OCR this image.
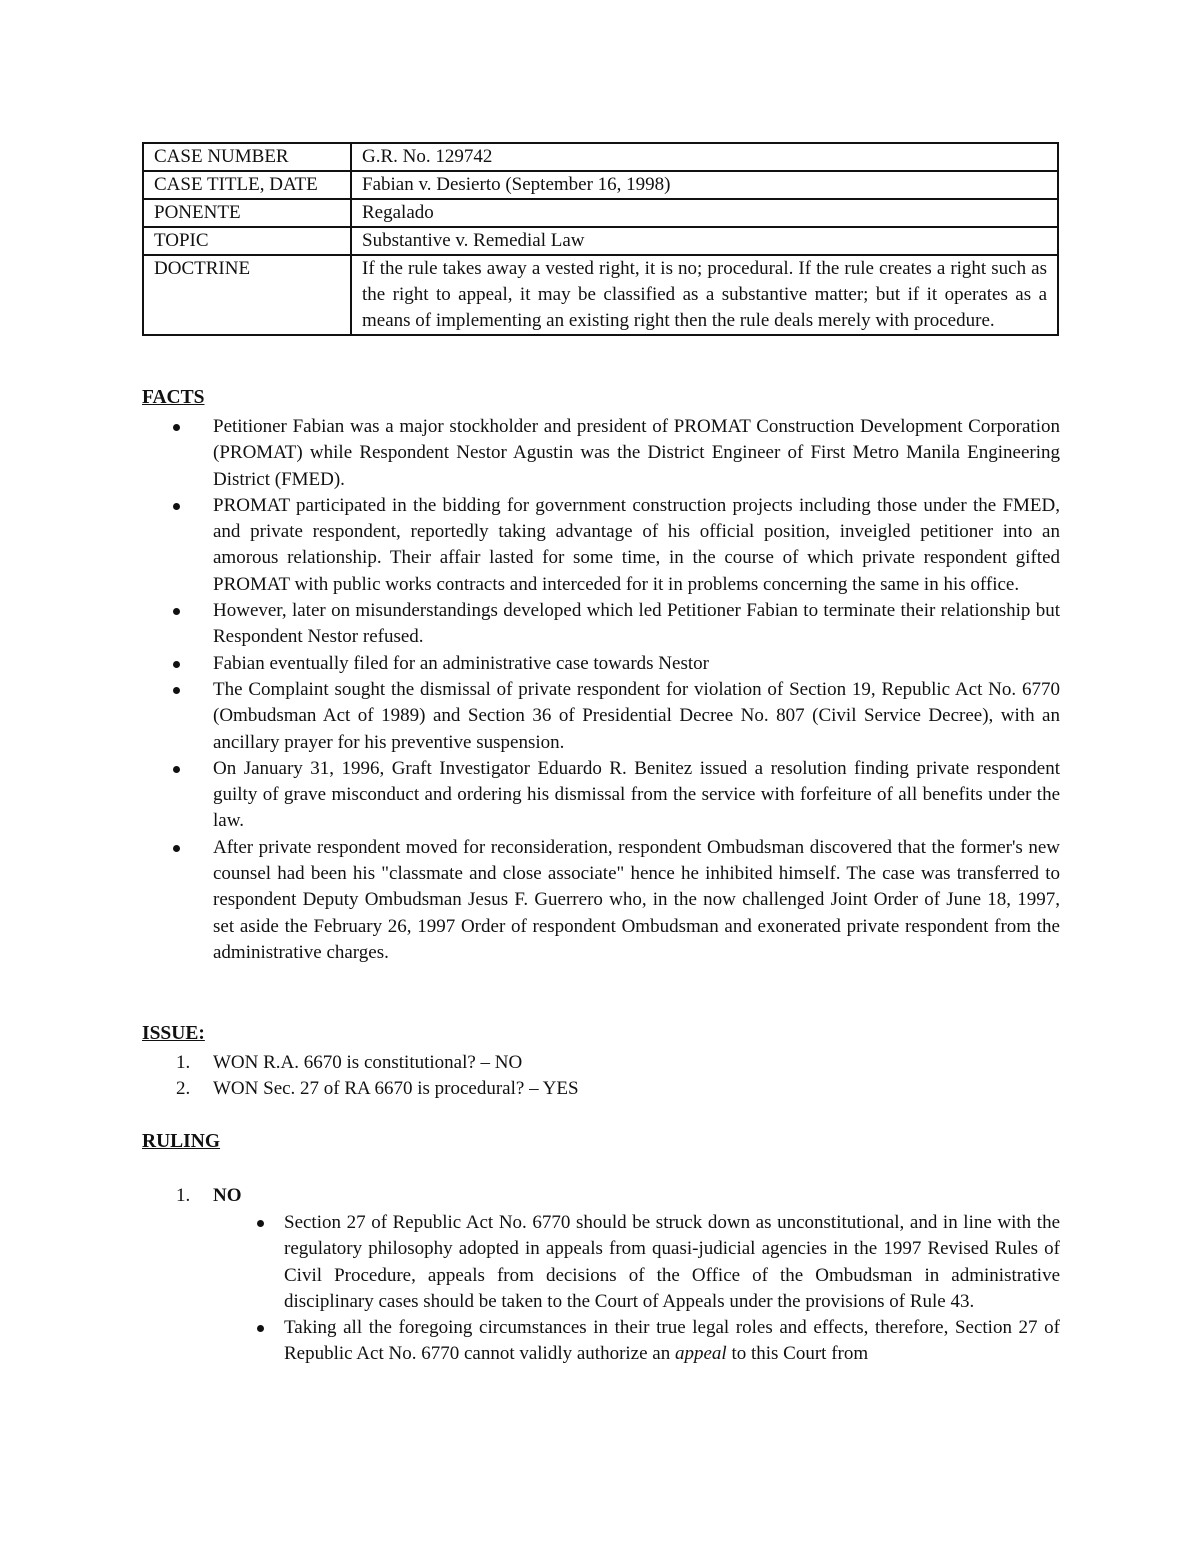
CASE NUMBER	G.R. No. 129742
CASE TITLE, DATE	Fabian v. Desierto (September 16, 1998)
PONENTE	Regalado
TOPIC	Substantive v. Remedial Law
DOCTRINE	If the rule takes away a vested right, it is no; procedural. If the rule creates a right such as the right to appeal, it may be classified as a substantive matter; but if it operates as a means of implementing an existing right then the rule deals merely with procedure.
FACTS
Petitioner Fabian was a major stockholder and president of PROMAT Construction Development Corporation (PROMAT) while Respondent Nestor Agustin was the District Engineer of First Metro Manila Engineering District (FMED).
PROMAT participated in the bidding for government construction projects including those under the FMED, and private respondent, reportedly taking advantage of his official position, inveigled petitioner into an amorous relationship. Their affair lasted for some time, in the course of which private respondent gifted PROMAT with public works contracts and interceded for it in problems concerning the same in his office.
However, later on misunderstandings developed which led Petitioner Fabian to terminate their relationship but Respondent Nestor refused.
Fabian eventually filed for an administrative case towards Nestor
The Complaint sought the dismissal of private respondent for violation of Section 19, Republic Act No. 6770 (Ombudsman Act of 1989) and Section 36 of Presidential Decree No. 807 (Civil Service Decree), with an ancillary prayer for his preventive suspension.
On January 31, 1996, Graft Investigator Eduardo R. Benitez issued a resolution finding private respondent guilty of grave misconduct and ordering his dismissal from the service with forfeiture of all benefits under the law.
After private respondent moved for reconsideration, respondent Ombudsman discovered that the former's new counsel had been his "classmate and close associate" hence he inhibited himself. The case was transferred to respondent Deputy Ombudsman Jesus F. Guerrero who, in the now challenged Joint Order of June 18, 1997, set aside the February 26, 1997 Order of respondent Ombudsman and exonerated private respondent from the administrative charges.
ISSUE:
1. WON R.A. 6670 is constitutional? – NO
2. WON Sec. 27 of RA 6670 is procedural? – YES
RULING
1. NO
Section 27 of Republic Act No. 6770 should be struck down as unconstitutional, and in line with the regulatory philosophy adopted in appeals from quasi-judicial agencies in the 1997 Revised Rules of Civil Procedure, appeals from decisions of the Office of the Ombudsman in administrative disciplinary cases should be taken to the Court of Appeals under the provisions of Rule 43.
Taking all the foregoing circumstances in their true legal roles and effects, therefore, Section 27 of Republic Act No. 6770 cannot validly authorize an appeal to this Court from
